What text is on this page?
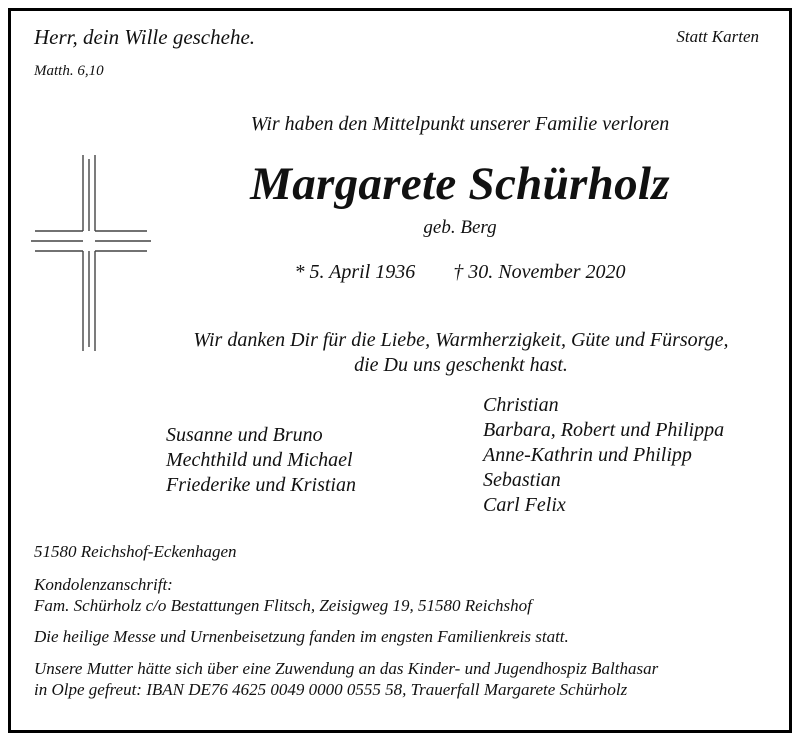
Herr, dein Wille geschehe.
Matth. 6,10
Statt Karten
Wir haben den Mittelpunkt unserer Familie verloren
Margarete Schürholz
geb. Berg
* 5. April 1936 † 30. November 2020
Wir danken Dir für die Liebe, Warmherzigkeit, Güte und Fürsorge,
die Du uns geschenkt hast.
Susanne und Bruno
Mechthild und Michael
Friederike und Kristian
Christian
Barbara, Robert und Philippa
Anne-Kathrin und Philipp
Sebastian
Carl Felix
51580 Reichshof-Eckenhagen
Kondolenzanschrift:
Fam. Schürholz c/o Bestattungen Flitsch, Zeisigweg 19, 51580 Reichshof
Die heilige Messe und Urnenbeisetzung fanden im engsten Familienkreis statt.
Unsere Mutter hätte sich über eine Zuwendung an das Kinder- und Jugendhospiz Balthasar
in Olpe gefreut: IBAN DE76 4625 0049 0000 0555 58, Trauerfall Margarete Schürholz
